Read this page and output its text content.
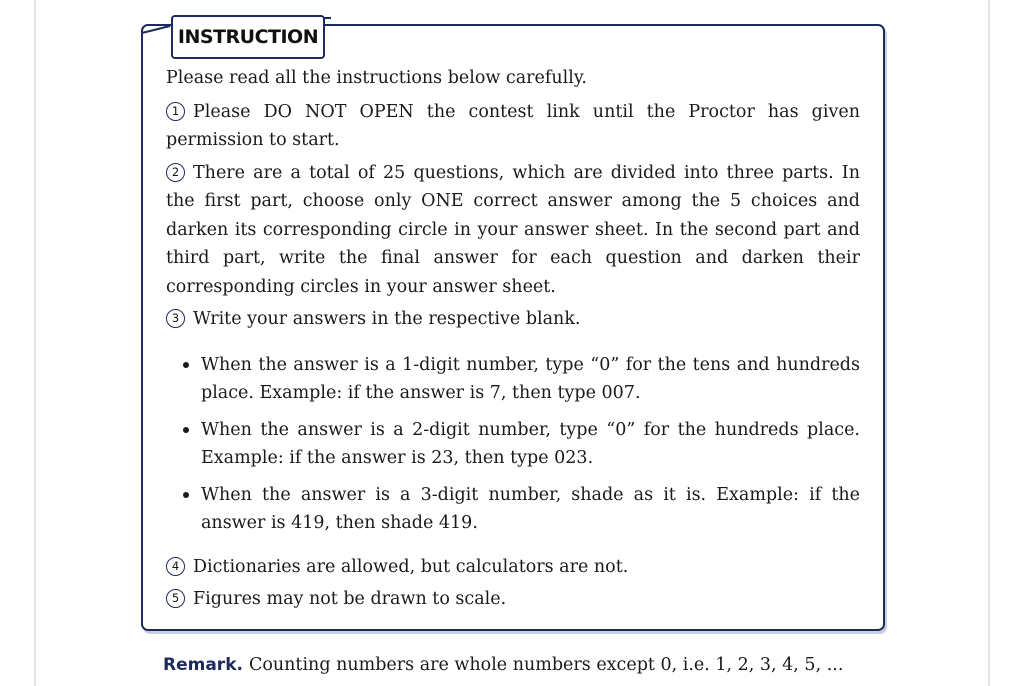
INSTRUCTION

Please read all the instructions below carefully.

1 Please DO NOT OPEN the contest link until the Proctor has given permission to start.

2 There are a total of 25 questions, which are divided into three parts. In the first part, choose only ONE correct answer among the 5 choices and darken its corresponding circle in your answer sheet. In the second part and third part, write the final answer for each question and darken their corresponding circles in your answer sheet.

3 Write your answers in the respective blank.

When the answer is a 1-digit number, type “0” for the tens and hundreds place. Example: if the answer is 7, then type 007.
When the answer is a 2-digit number, type “0” for the hundreds place. Example: if the answer is 23, then type 023.
When the answer is a 3-digit number, shade as it is. Example: if the answer is 419, then shade 419.

4 Dictionaries are allowed, but calculators are not.

5 Figures may not be drawn to scale.

Remark. Counting numbers are whole numbers except 0, i.e. 1, 2, 3, 4, 5, ...
